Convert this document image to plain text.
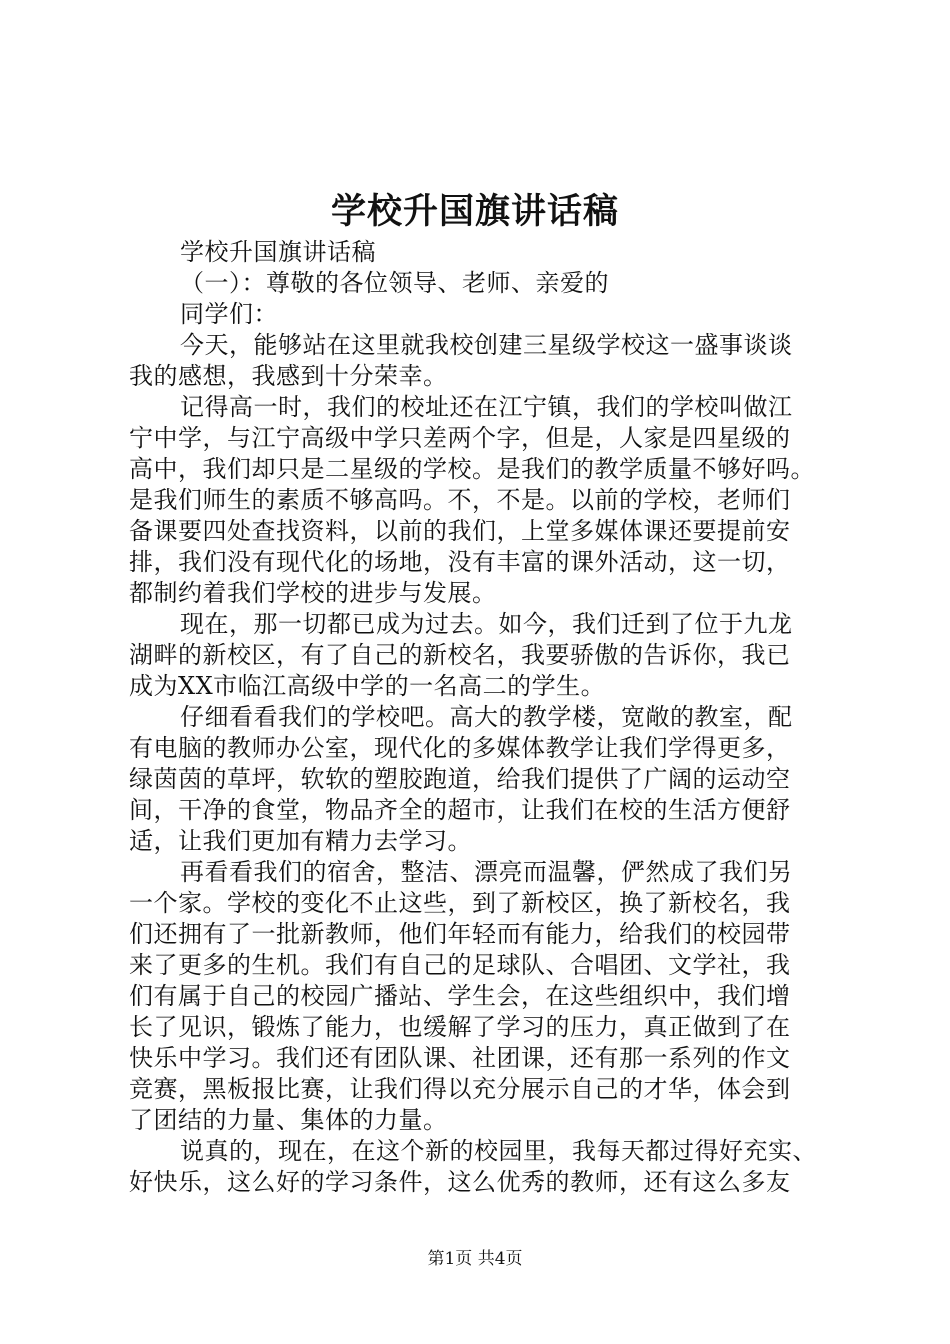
学校升国旗讲话稿
学校升国旗讲话稿
（一）：尊敬的各位领导、老师、亲爱的
同学们：
今天，能够站在这里就我校创建三星级学校这一盛事谈谈
我的感想，我感到十分荣幸。
记得高一时，我们的校址还在江宁镇，我们的学校叫做江
宁中学，与江宁高级中学只差两个字，但是，人家是四星级的
高中，我们却只是二星级的学校。是我们的教学质量不够好吗。
是我们师生的素质不够高吗。不，不是。以前的学校，老师们
备课要四处查找资料，以前的我们，上堂多媒体课还要提前安
排，我们没有现代化的场地，没有丰富的课外活动，这一切，
都制约着我们学校的进步与发展。
现在，那一切都已成为过去。如今，我们迁到了位于九龙
湖畔的新校区，有了自己的新校名，我要骄傲的告诉你，我已
成为XX市临江高级中学的一名高二的学生。
仔细看看我们的学校吧。高大的教学楼，宽敞的教室，配
有电脑的教师办公室，现代化的多媒体教学让我们学得更多，
绿茵茵的草坪，软软的塑胶跑道，给我们提供了广阔的运动空
间，干净的食堂，物品齐全的超市，让我们在校的生活方便舒
适，让我们更加有精力去学习。
再看看我们的宿舍，整洁、漂亮而温馨，俨然成了我们另
一个家。学校的变化不止这些，到了新校区，换了新校名，我
们还拥有了一批新教师，他们年轻而有能力，给我们的校园带
来了更多的生机。我们有自己的足球队、合唱团、文学社，我
们有属于自己的校园广播站、学生会，在这些组织中，我们增
长了见识，锻炼了能力，也缓解了学习的压力，真正做到了在
快乐中学习。我们还有团队课、社团课，还有那一系列的作文
竞赛，黑板报比赛，让我们得以充分展示自己的才华，体会到
了团结的力量、集体的力量。
说真的，现在，在这个新的校园里，我每天都过得好充实、
好快乐，这么好的学习条件，这么优秀的教师，还有这么多友
第1页 共4页
